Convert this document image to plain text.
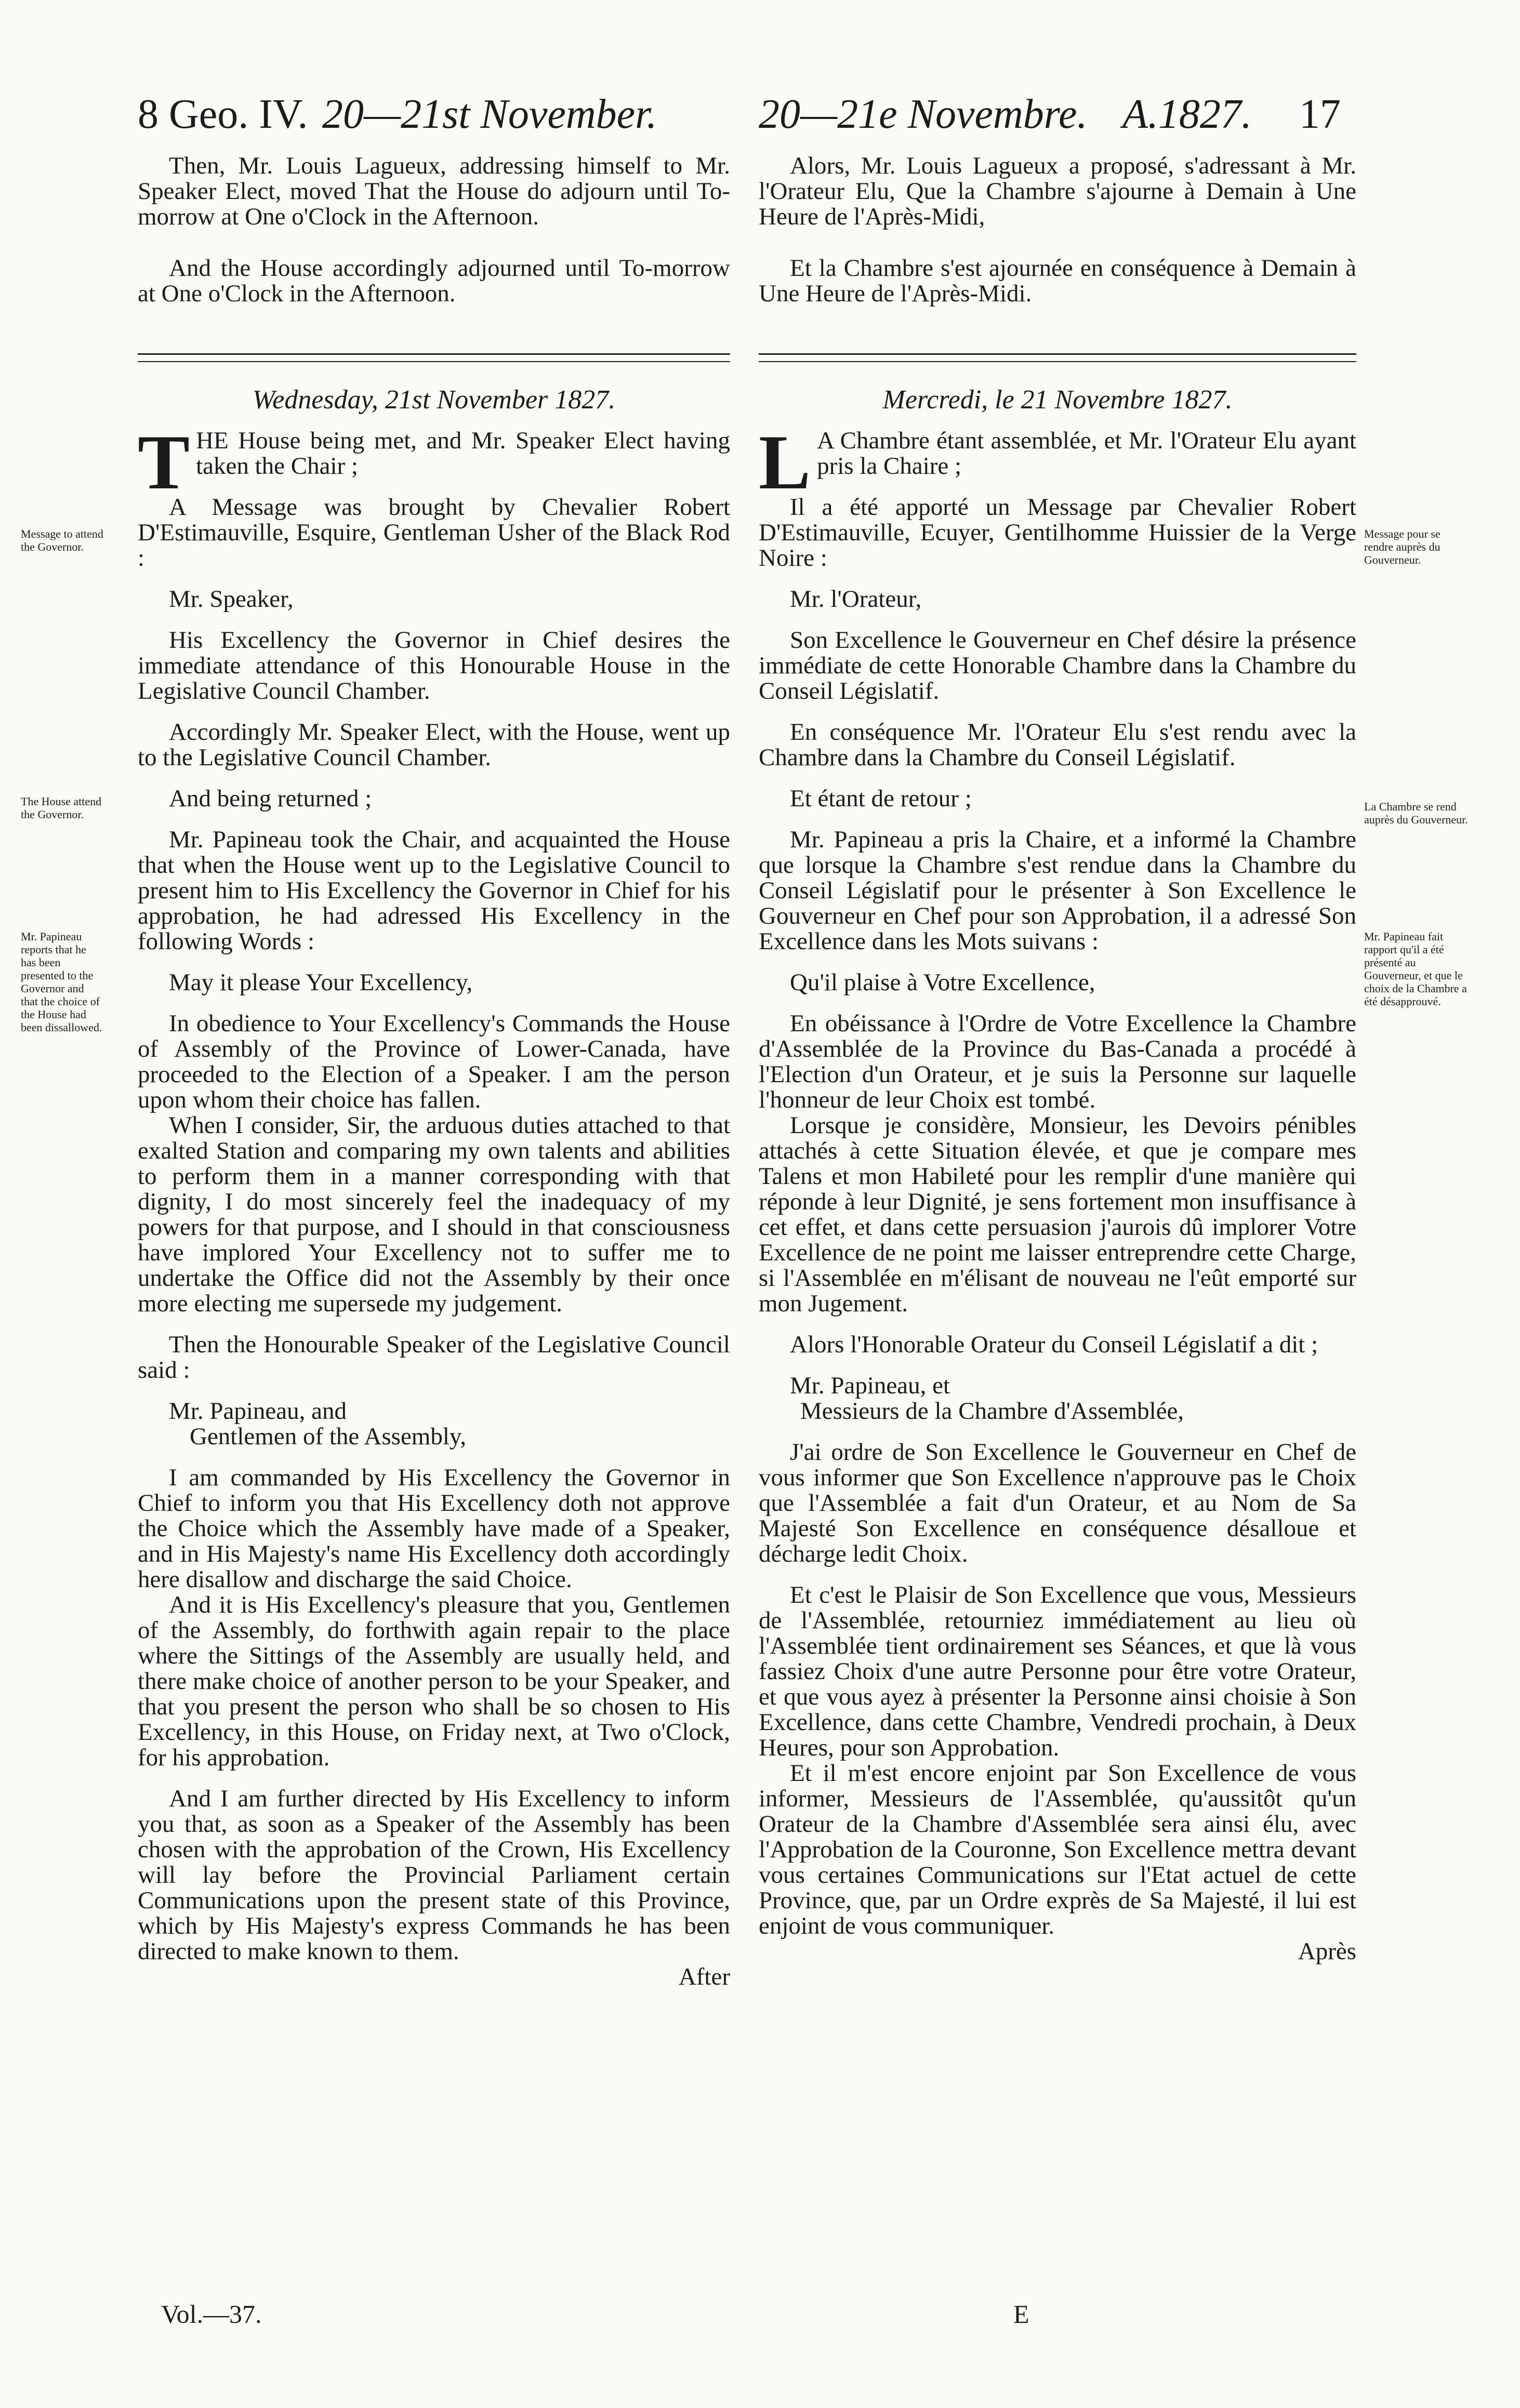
8 Geo. IV. 20—21st November. 20—21e Novembre. A.1827. 17

Then, Mr. Louis Lagueux, addressing himself to Mr. Speaker Elect, moved That the House do adjourn until To-morrow at One o'Clock in the Afternoon.

And the House accordingly adjourned until To-morrow at One o'Clock in the Afternoon.

Alors, Mr. Louis Lagueux a proposé, s'adressant à Mr. l'Orateur Elu, Que la Chambre s'ajourne à Demain à Une Heure de l'Après-Midi,

Et la Chambre s'est ajournée en conséquence à Demain à Une Heure de l'Après-Midi.

Wednesday, 21st November 1827.

THE House being met, and Mr. Speaker Elect having taken the Chair ;

A Message was brought by Chevalier Robert D'Estimauville, Esquire, Gentleman Usher of the Black Rod :

Mr. Speaker,

His Excellency the Governor in Chief desires the immediate attendance of this Honourable House in the Legislative Council Chamber.

Accordingly Mr. Speaker Elect, with the House, went up to the Legislative Council Chamber.

And being returned ;

Mr. Papineau took the Chair, and acquainted the House that when the House went up to the Legislative Council to present him to His Excellency the Governor in Chief for his approbation, he had adressed His Excellency in the following Words :

May it please Your Excellency,

In obedience to Your Excellency's Commands the House of Assembly of the Province of Lower-Canada, have proceeded to the Election of a Speaker. I am the person upon whom their choice has fallen.

When I consider, Sir, the arduous duties attached to that exalted Station and comparing my own talents and abilities to perform them in a manner corresponding with that dignity, I do most sincerely feel the inadequacy of my powers for that purpose, and I should in that consciousness have implored Your Excellency not to suffer me to undertake the Office did not the Assembly by their once more electing me supersede my judgement.

Then the Honourable Speaker of the Legislative Council said :

Mr. Papineau, and

Gentlemen of the Assembly,

I am commanded by His Excellency the Governor in Chief to inform you that His Excellency doth not approve the Choice which the Assembly have made of a Speaker, and in His Majesty's name His Excellency doth accordingly here disallow and discharge the said Choice.

And it is His Excellency's pleasure that you, Gentlemen of the Assembly, do forthwith again repair to the place where the Sittings of the Assembly are usually held, and there make choice of another person to be your Speaker, and that you present the person who shall be so chosen to His Excellency, in this House, on Friday next, at Two o'Clock, for his approbation.

And I am further directed by His Excellency to inform you that, as soon as a Speaker of the Assembly has been chosen with the approbation of the Crown, His Excellency will lay before the Provincial Parliament certain Communications upon the present state of this Province, which by His Majesty's express Commands he has been directed to make known to them.

After

Mercredi, le 21 Novembre 1827.

L A Chambre étant assemblée, et Mr. l'Orateur Elu ayant pris la Chaire ;

Il a été apporté un Message par Chevalier Robert D'Estimauville, Ecuyer, Gentilhomme Huissier de la Verge Noire :

Mr. l'Orateur,

Son Excellence le Gouverneur en Chef désire la présence immédiate de cette Honorable Chambre dans la Chambre du Conseil Législatif.

En conséquence Mr. l'Orateur Elu s'est rendu avec la Chambre dans la Chambre du Conseil Législatif.

Et étant de retour ;

Mr. Papineau a pris la Chaire, et a informé la Chambre que lorsque la Chambre s'est rendue dans la Chambre du Conseil Législatif pour le présenter à Son Excellence le Gouverneur en Chef pour son Approbation, il a adressé Son Excellence dans les Mots suivans :

Qu'il plaise à Votre Excellence,

En obéissance à l'Ordre de Votre Excellence la Chambre d'Assemblée de la Province du Bas-Canada a procédé à l'Election d'un Orateur, et je suis la Personne sur laquelle l'honneur de leur Choix est tombé.

Lorsque je considère, Monsieur, les Devoirs pénibles attachés à cette Situation élevée, et que je compare mes Talens et mon Habileté pour les remplir d'une manière qui réponde à leur Dignité, je sens fortement mon insuffisance à cet effet, et dans cette persuasion j'aurois dû implorer Votre Excellence de ne point me laisser entreprendre cette Charge, si l'Assemblée en m'élisant de nouveau ne l'eût emporté sur mon Jugement.

Alors l'Honorable Orateur du Conseil Législatif a dit ;

Mr. Papineau, et

Messieurs de la Chambre d'Assemblée,

J'ai ordre de Son Excellence le Gouverneur en Chef de vous informer que Son Excellence n'approuve pas le Choix que l'Assemblée a fait d'un Orateur, et au Nom de Sa Majesté Son Excellence en conséquence désalloue et décharge ledit Choix.

Et c'est le Plaisir de Son Excellence que vous, Messieurs de l'Assemblée, retourniez immédiatement au lieu où l'Assemblée tient ordinairement ses Séances, et que là vous fassiez Choix d'une autre Personne pour être votre Orateur, et que vous ayez à présenter la Personne ainsi choisie à Son Excellence, dans cette Chambre, Vendredi prochain, à Deux Heures, pour son Approbation.

Et il m'est encore enjoint par Son Excellence de vous informer, Messieurs de l'Assemblée, qu'aussitôt qu'un Orateur de la Chambre d'Assemblée sera ainsi élu, avec l'Approbation de la Couronne, Son Excellence mettra devant vous certaines Communications sur l'Etat actuel de cette Province, que, par un Ordre exprès de Sa Majesté, il lui est enjoint de vous communiquer.

Après

Message to attend the Governor.
The House attend the Governor.
Mr. Papineau reports that he has been presented to the Governor and that the choice of the House had been dissallowed.
Message pour se rendre auprès du Gouverneur.
La Chambre se rend auprès du Gouverneur.
Mr. Papineau fait rapport qu'il a été présenté au Gouverneur, et que le choix de la Chambre a été désapprouvé.
Vol.—37.	E
